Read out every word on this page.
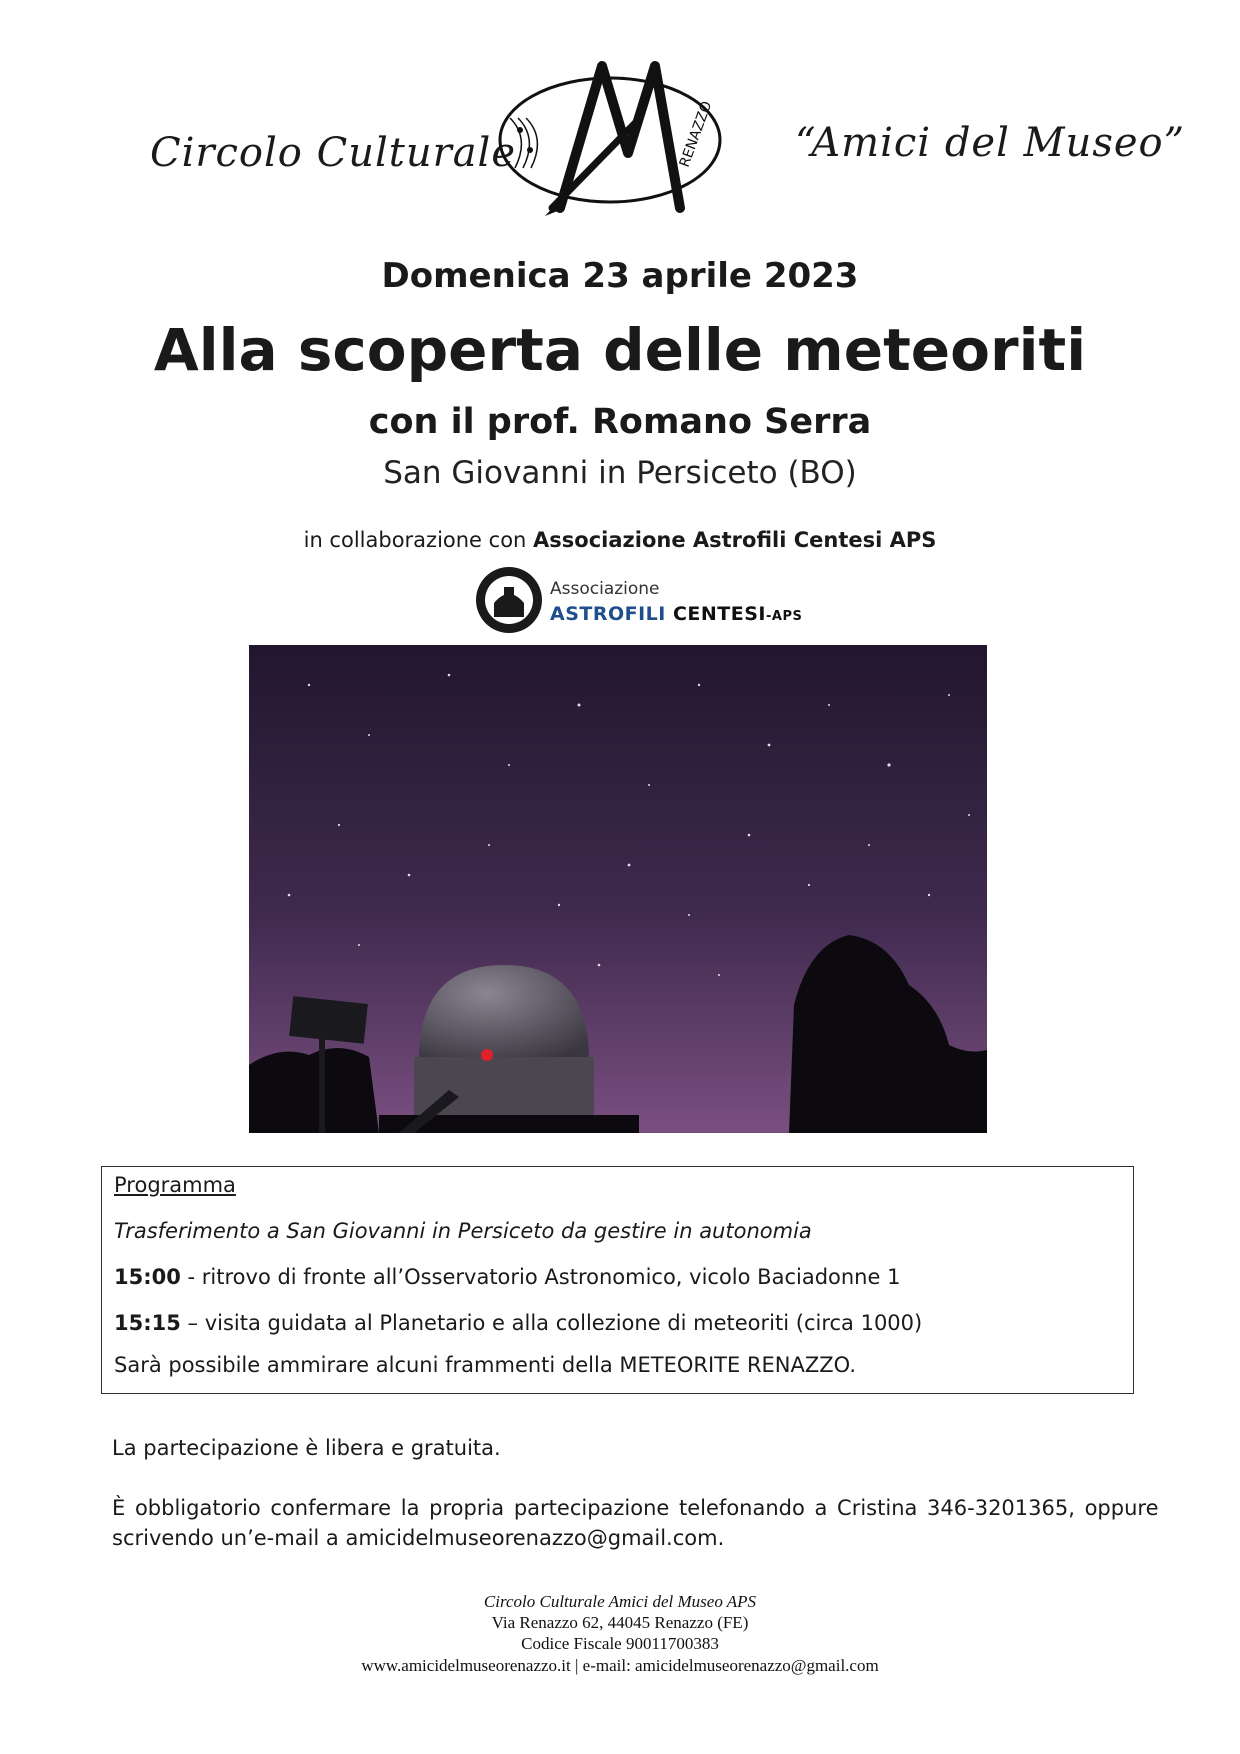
Circolo Culturale	RENAZZO “Amici del Museo”
Domenica 23 aprile 2023
Alla scoperta delle meteoriti
con il prof. Romano Serra
San Giovanni in Persiceto (BO)
in collaborazione con Associazione Astrofili Centesi APS
Associazione
ASTROFILI CENTESI-APS
Programma
Trasferimento a San Giovanni in Persiceto da gestire in autonomia
15:00 - ritrovo di fronte all’Osservatorio Astronomico, vicolo Baciadonne 1
15:15 – visita guidata al Planetario e alla collezione di meteoriti (circa 1000)
Sarà possibile ammirare alcuni frammenti della METEORITE RENAZZO.
La partecipazione è libera e gratuita.
È obbligatorio confermare la propria partecipazione telefonando a Cristina 346-3201365, oppure
scrivendo un’e-mail a amicidelmuseorenazzo@gmail.com.
Circolo Culturale Amici del Museo APS
Via Renazzo 62, 44045 Renazzo (FE)
Codice Fiscale 90011700383
www.amicidelmuseorenazzo.it | e-mail: amicidelmuseorenazzo@gmail.com
